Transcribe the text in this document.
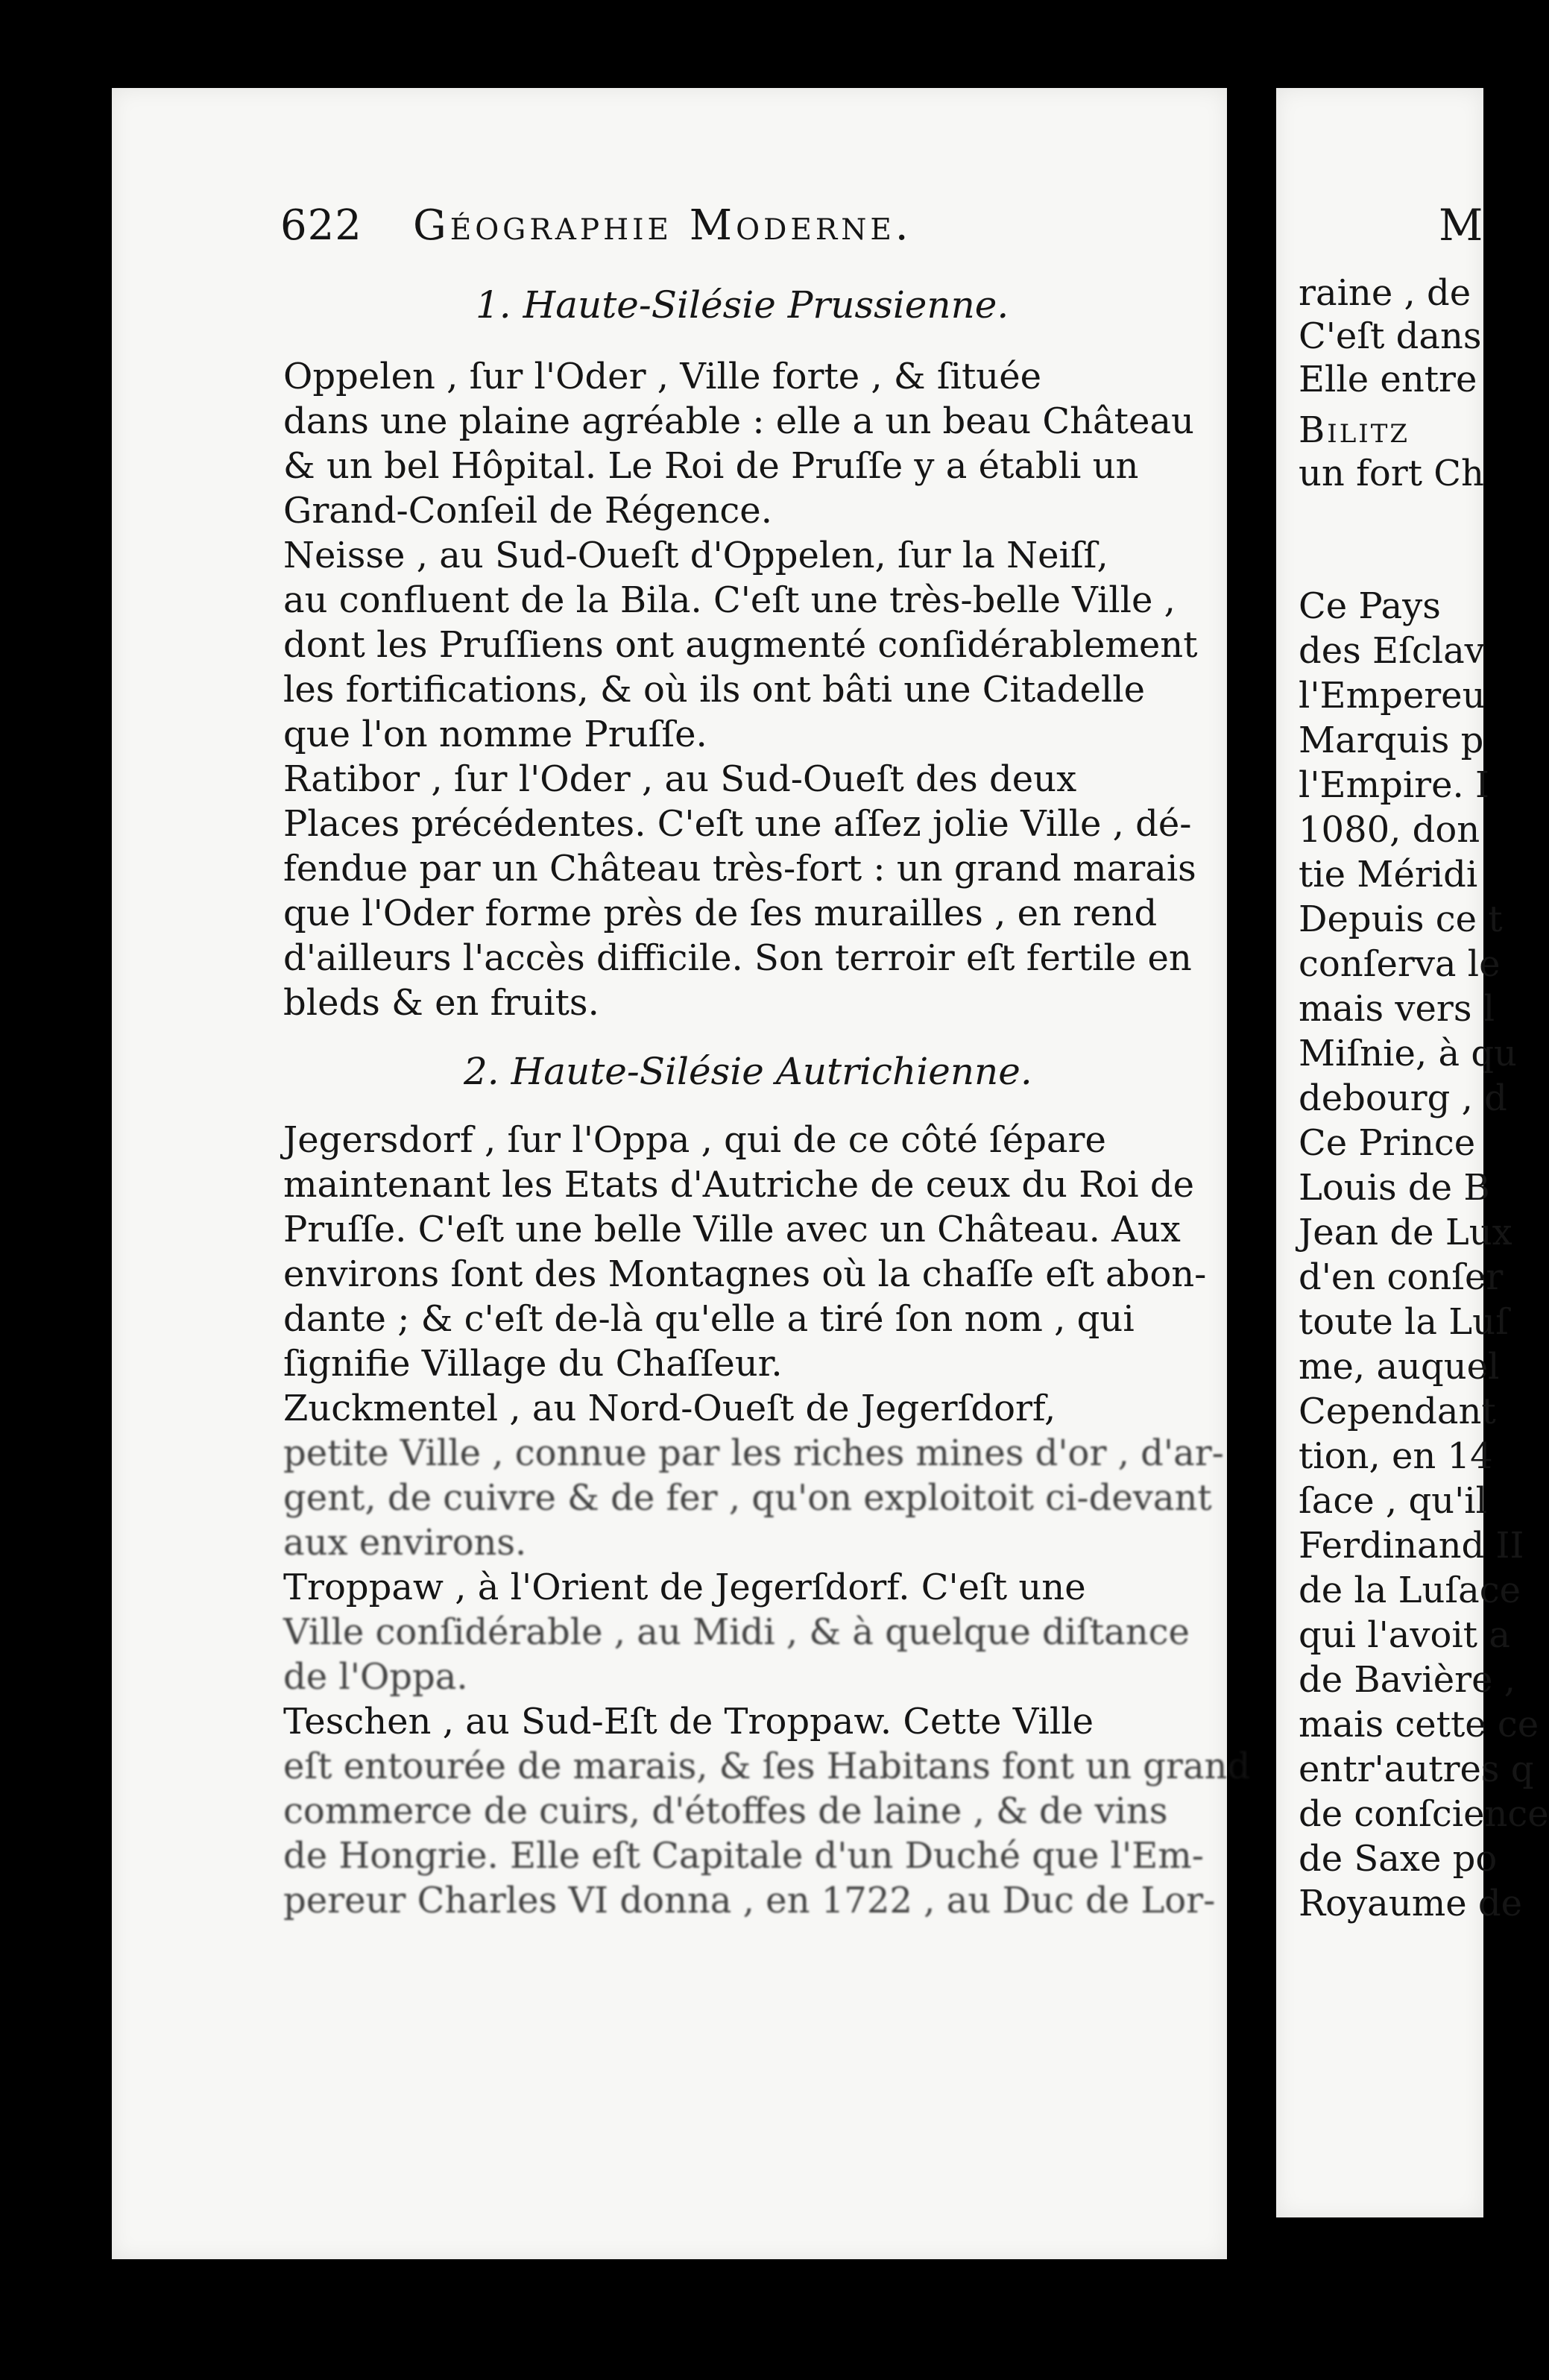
622 Géographie Moderne.
1. Haute-Silésie Prussienne.
Oppelen , ſur l'Oder , Ville forte , & ſituée
dans une plaine agréable : elle a un beau Château
& un bel Hôpital. Le Roi de Pruſſe y a établi un
Grand-Conſeil de Régence.
Neisse , au Sud-Oueſt d'Oppelen, ſur la Neiſſ,
au confluent de la Bila. C'eſt une très-belle Ville ,
dont les Pruſſiens ont augmenté conſidérablement
les fortifications, & où ils ont bâti une Citadelle
que l'on nomme Pruſſe.
Ratibor , ſur l'Oder , au Sud-Oueſt des deux
Places précédentes. C'eſt une aſſez jolie Ville , dé-
fendue par un Château très-fort : un grand marais
que l'Oder forme près de ſes murailles , en rend
d'ailleurs l'accès difficile. Son terroir eſt fertile en
bleds & en fruits.
2. Haute-Silésie Autrichienne.
Jegersdorf , ſur l'Oppa , qui de ce côté ſépare
maintenant les Etats d'Autriche de ceux du Roi de
Pruſſe. C'eſt une belle Ville avec un Château. Aux
environs ſont des Montagnes où la chaſſe eſt abon-
dante ; & c'eſt de-là qu'elle a tiré ſon nom , qui
ſignifie Village du Chaſſeur.
Zuckmentel , au Nord-Oueſt de Jegerſdorf,
petite Ville , connue par les riches mines d'or , d'ar-
gent, de cuivre & de fer , qu'on exploitoit ci-devant
aux environs.
Troppaw , à l'Orient de Jegerſdorf. C'eſt une
Ville conſidérable , au Midi , & à quelque diſtance
de l'Oppa.
Teschen , au Sud-Eſt de Troppaw. Cette Ville
eſt entourée de marais, & ſes Habitans font un grand
commerce de cuirs, d'étoffes de laine , & de vins
de Hongrie. Elle eſt Capitale d'un Duché que l'Em-
pereur Charles VI donna , en 1722 , au Duc de Lor-
M
raine , de
C'eſt dans
Elle entre
Bilitz
un fort Ch
Ce Pays
des Eſclav
l'Empereu
Marquis p
l'Empire. I
1080, don
tie Méridi
Depuis ce t
conſerva le
mais vers l
Miſnie, à qu
debourg , d
Ce Prince
Louis de B
Jean de Lux
d'en conſer
toute la Luſ
me, auquel
Cependant
tion, en 14
ſace , qu'il
Ferdinand II
de la Luſace
qui l'avoit a
de Bavière ,
mais cette ce
entr'autres q
de conſcience
de Saxe po
Royaume de
